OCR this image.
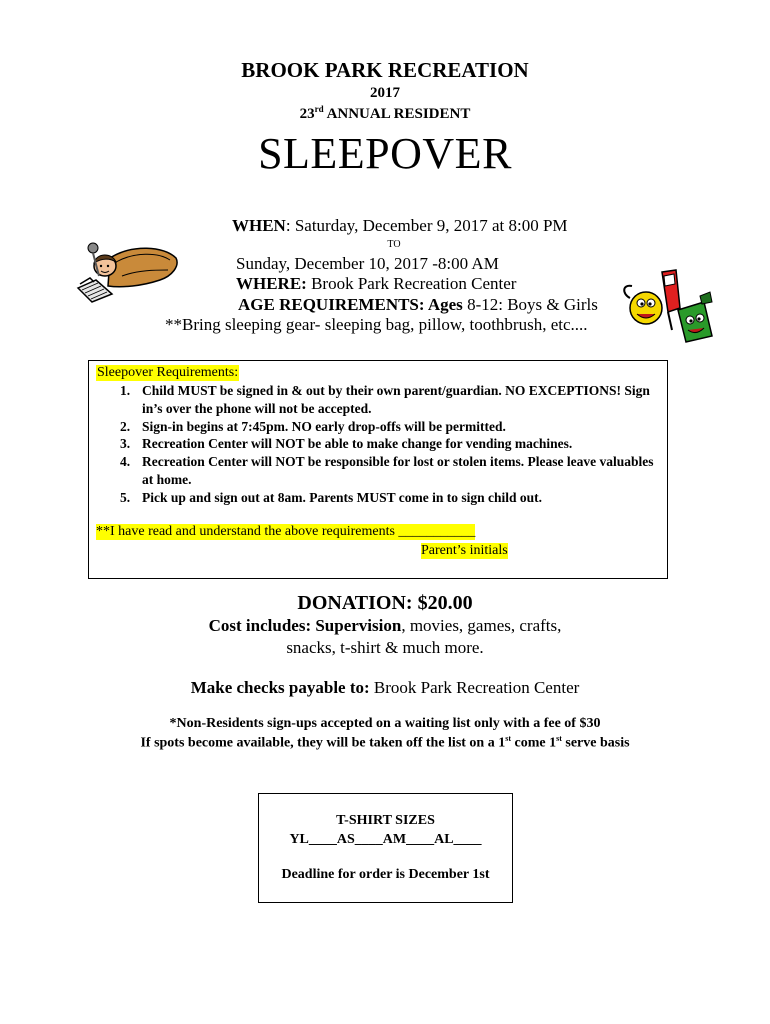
BROOK PARK RECREATION
2017
23rd ANNUAL RESIDENT
SLEEPOVER
WHEN: Saturday, December 9, 2017 at 8:00 PM
TO
Sunday, December 10, 2017 -8:00 AM
WHERE: Brook Park Recreation Center
AGE REQUIREMENTS: Ages 8-12: Boys & Girls
**Bring sleeping gear- sleeping bag, pillow, toothbrush, etc....
Sleepover Requirements:
1. Child MUST be signed in & out by their own parent/guardian. NO EXCEPTIONS! Sign in’s over the phone will not be accepted.
2. Sign-in begins at 7:45pm. NO early drop-offs will be permitted.
3. Recreation Center will NOT be able to make change for vending machines.
4. Recreation Center will NOT be responsible for lost or stolen items. Please leave valuables at home.
5. Pick up and sign out at 8am. Parents MUST come in to sign child out.
**I have read and understand the above requirements ___________
Parent’s initials
DONATION: $20.00
Cost includes: Supervision, movies, games, crafts,
snacks, t-shirt & much more.
Make checks payable to: Brook Park Recreation Center
*Non-Residents sign-ups accepted on a waiting list only with a fee of $30
If spots become available, they will be taken off the list on a 1st come 1st serve basis
T-SHIRT SIZES
YL____AS____AM____AL____
Deadline for order is December 1st
